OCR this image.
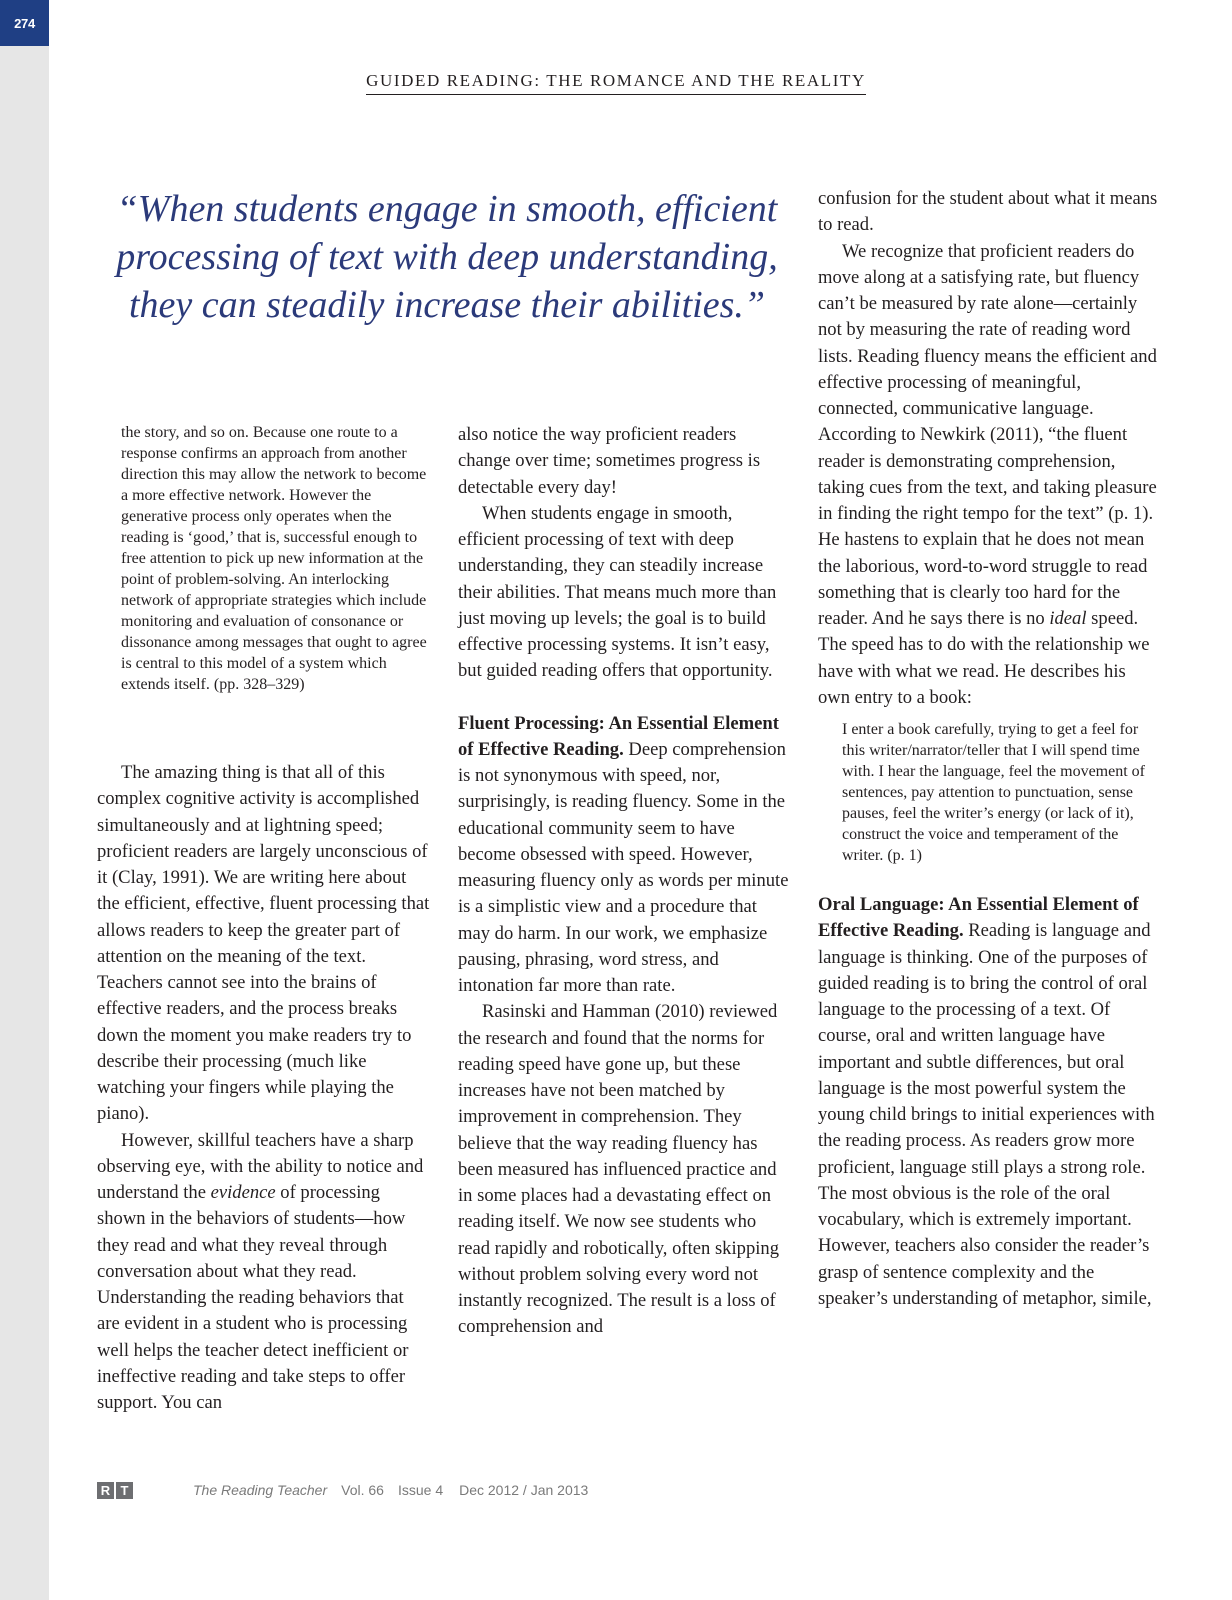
274
GUIDED READING: THE ROMANCE AND THE REALITY
“When students engage in smooth, efficient processing of text with deep understanding, they can steadily increase their abilities.”

the story, and so on. Because one route to a response confirms an approach from another direction this may allow the network to become a more effective network. However the generative process only operates when the reading is ‘good,’ that is, successful enough to free attention to pick up new information at the point of problem-solving. An interlocking network of appropriate strategies which include monitoring and evaluation of consonance or dissonance among messages that ought to agree is central to this model of a system which extends itself. (pp. 328–329)

The amazing thing is that all of this complex cognitive activity is accomplished simultaneously and at lightning speed; proficient readers are largely unconscious of it (Clay, 1991). We are writing here about the efficient, effective, fluent processing that allows readers to keep the greater part of attention on the meaning of the text. Teachers cannot see into the brains of effective readers, and the process breaks down the moment you make readers try to describe their processing (much like watching your fingers while playing the piano).

However, skillful teachers have a sharp observing eye, with the ability to notice and understand the evidence of processing shown in the behaviors of students—how they read and what they reveal through conversation about what they read. Understanding the reading behaviors that are evident in a student who is processing well helps the teacher detect inefficient or ineffective reading and take steps to offer support. You can

also notice the way proficient readers change over time; sometimes progress is detectable every day!

When students engage in smooth, efficient processing of text with deep understanding, they can steadily increase their abilities. That means much more than just moving up levels; the goal is to build effective processing systems. It isn’t easy, but guided reading offers that opportunity.

Fluent Processing: An Essential Element of Effective Reading. Deep comprehension is not synonymous with speed, nor, surprisingly, is reading fluency. Some in the educational community seem to have become obsessed with speed. However, measuring fluency only as words per minute is a simplistic view and a procedure that may do harm. In our work, we emphasize pausing, phrasing, word stress, and intonation far more than rate.

Rasinski and Hamman (2010) reviewed the research and found that the norms for reading speed have gone up, but these increases have not been matched by improvement in comprehension. They believe that the way reading fluency has been measured has influenced practice and in some places had a devastating effect on reading itself. We now see students who read rapidly and robotically, often skipping without problem solving every word not instantly recognized. The result is a loss of comprehension and

confusion for the student about what it means to read.

We recognize that proficient readers do move along at a satisfying rate, but fluency can’t be measured by rate alone—certainly not by measuring the rate of reading word lists. Reading fluency means the efficient and effective processing of meaningful, connected, communicative language. According to Newkirk (2011), “the fluent reader is demonstrating comprehension, taking cues from the text, and taking pleasure in finding the right tempo for the text” (p. 1). He hastens to explain that he does not mean the laborious, word-to-word struggle to read something that is clearly too hard for the reader. And he says there is no ideal speed. The speed has to do with the relationship we have with what we read. He describes his own entry to a book:

I enter a book carefully, trying to get a feel for this writer/narrator/teller that I will spend time with. I hear the language, feel the movement of sentences, pay attention to punctuation, sense pauses, feel the writer’s energy (or lack of it), construct the voice and temperament of the writer. (p. 1)

Oral Language: An Essential Element of Effective Reading. Reading is language and language is thinking. One of the purposes of guided reading is to bring the control of oral language to the processing of a text. Of course, oral and written language have important and subtle differences, but oral language is the most powerful system the young child brings to initial experiences with the reading process. As readers grow more proficient, language still plays a strong role. The most obvious is the role of the oral vocabulary, which is extremely important. However, teachers also consider the reader’s grasp of sentence complexity and the speaker’s understanding of metaphor, simile,

R T	The Reading Teacher Vol. 66 Issue 4 Dec 2012 / Jan 2013
